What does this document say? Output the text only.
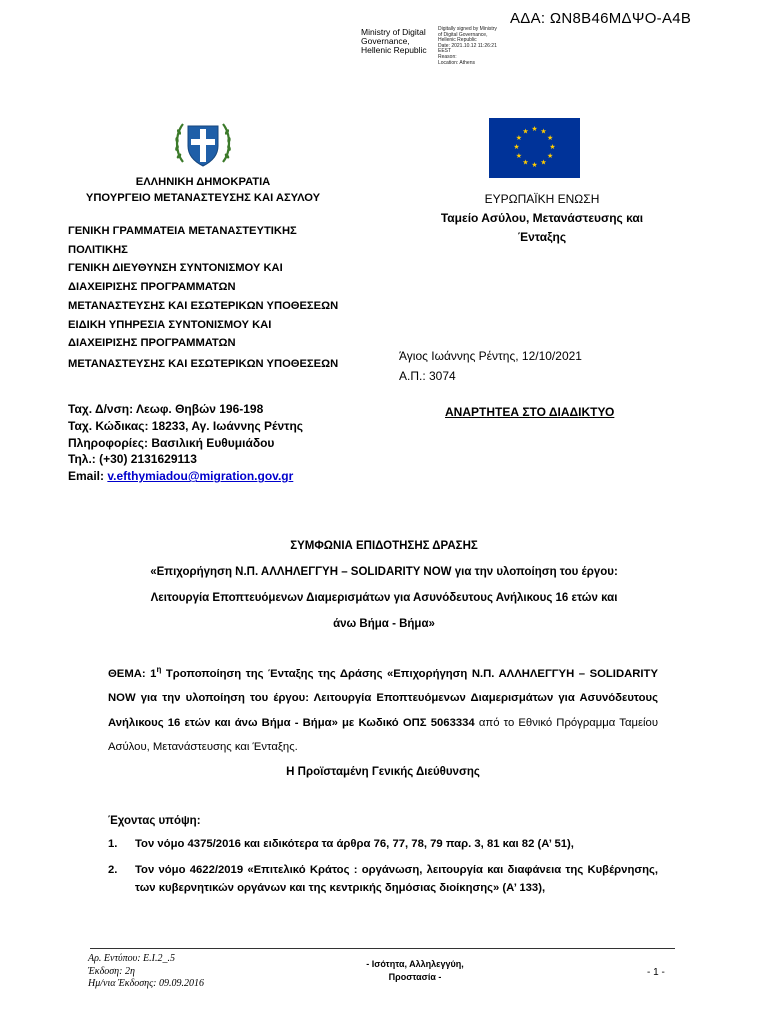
ΑΔΑ: ΩΝ8Β46ΜΔΨΟ-Α4Β
Ministry of Digital
Governance,
Hellenic Republic
Digitally signed by Ministry
of Digital Governance,
Hellenic Republic
Date: 2021.10.12 11:26:21
EEST
Reason:
Location: Athens
★ ★
★
★
★
★
★
★
★
★
★
★
ΕΛΛΗΝΙΚΗ ΔΗΜΟΚΡΑΤΙΑ
ΥΠΟΥΡΓΕΙΟ ΜΕΤΑΝΑΣΤΕΥΣΗΣ ΚΑΙ ΑΣΥΛΟΥ
ΓΕΝΙΚΗ ΓΡΑΜΜΑΤΕΙΑ ΜΕΤΑΝΑΣΤΕΥΤΙΚΗΣ
ΠΟΛΙΤΙΚΗΣ
ΓΕΝΙΚΗ ΔΙΕΥΘΥΝΣΗ ΣΥΝΤΟΝΙΣΜΟΥ ΚΑΙ
ΔΙΑΧΕΙΡΙΣΗΣ ΠΡΟΓΡΑΜΜΑΤΩΝ
ΜΕΤΑΝΑΣΤΕΥΣΗΣ ΚΑΙ ΕΣΩΤΕΡΙΚΩΝ ΥΠΟΘΕΣΕΩΝ
ΕΙΔΙΚΗ ΥΠΗΡΕΣΙΑ ΣΥΝΤΟΝΙΣΜΟΥ ΚΑΙ
ΔΙΑΧΕΙΡΙΣΗΣ ΠΡΟΓΡΑΜΜΑΤΩΝ
ΜΕΤΑΝΑΣΤΕΥΣΗΣ ΚΑΙ ΕΣΩΤΕΡΙΚΩΝ ΥΠΟΘΕΣΕΩΝ
ΕΥΡΩΠΑΪΚΗ ΕΝΩΣΗ
Ταμείο Ασύλου, Μετανάστευσης και
Ένταξης
Άγιος Ιωάννης Ρέντης, 12/10/2021
Α.Π.: 3074
ΑΝΑΡΤΗΤΕΑ ΣΤΟ ΔΙΑΔΙΚΤΥΟ
Ταχ. Δ/νση: Λεωφ. Θηβών 196-198
Ταχ. Κώδικας: 18233, Αγ. Ιωάννης Ρέντης
Πληροφορίες: Βασιλική Ευθυμιάδου
Τηλ.: (+30) 2131629113
Email: v.efthymiadou@migration.gov.gr
ΣΥΜΦΩΝΙΑ ΕΠΙΔΟΤΗΣΗΣ ΔΡΑΣΗΣ
«Επιχορήγηση Ν.Π. ΑΛΛΗΛΕΓΓΥΗ – SOLIDARITY NOW για την υλοποίηση του έργου:
Λειτουργία Εποπτευόμενων Διαμερισμάτων για Ασυνόδευτους Ανήλικους 16 ετών και
άνω Βήμα - Βήμα»
ΘΕΜΑ: $1^\eta$ Τροποποίηση της Ένταξης της Δράσης «Επιχορήγηση Ν.Π. ΑΛΛΗΛΕΓΓΥΗ – SOLIDARITY NOW για την υλοποίηση του έργου: Λειτουργία Εποπτευόμενων Διαμερισμάτων για Ασυνόδευτους Ανήλικους 16 ετών και άνω Βήμα - Βήμα» με Κωδικό ΟΠΣ 5063334 από το Εθνικό Πρόγραμμα Ταμείου Ασύλου, Μετανάστευσης και Ένταξης.
Η Προϊσταμένη Γενικής Διεύθυνσης
Έχοντας υπόψη:
1. Τον νόμο 4375/2016 και ειδικότερα τα άρθρα 76, 77, 78, 79 παρ. 3, 81 και 82 (Α’ 51),
2. Τον νόμο 4622/2019 «Επιτελικό Κράτος : οργάνωση, λειτουργία και διαφάνεια της Κυβέρνησης, των κυβερνητικών οργάνων και της κεντρικής δημόσιας διοίκησης» (Α’ 133),
Αρ. Εντύπου: Ε.Ι.2_.5
Έκδοση: 2η
Ημ/νια Έκδοσης: 09.09.2016
- Ισότητα, Αλληλεγγύη,
Προστασία -	- 1 -
